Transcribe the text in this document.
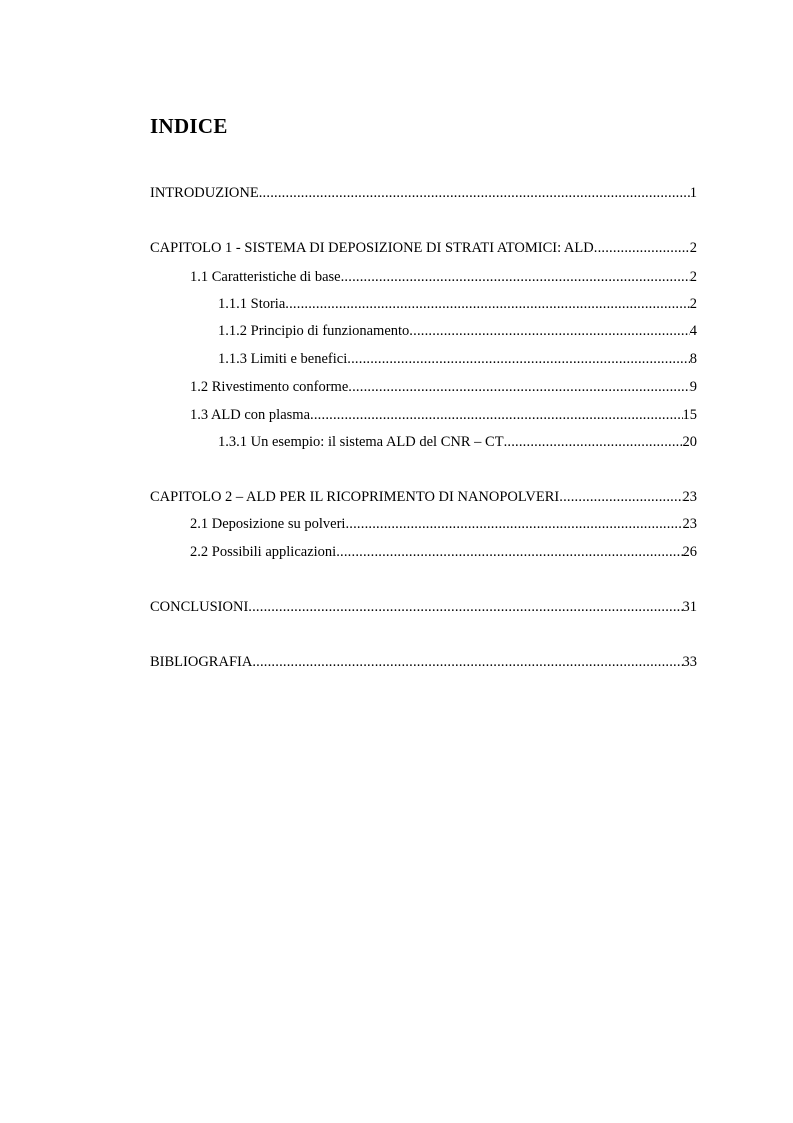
INDICE
INTRODUZIONE .....	1
CAPITOLO 1 - SISTEMA DI DEPOSIZIONE DI STRATI ATOMICI: ALD .....	2
1.1 Caratteristiche di base .....	2
1.1.1 Storia .....	2
1.1.2 Principio di funzionamento .....	4
1.1.3 Limiti e benefici .....	8
1.2 Rivestimento conforme .....	9
1.3 ALD con plasma .....	15
1.3.1 Un esempio: il sistema ALD del CNR – CT .....	20
CAPITOLO 2 – ALD PER IL RICOPRIMENTO DI NANOPOLVERI .....	23
2.1 Deposizione su polveri .....	23
2.2 Possibili applicazioni .....	26
CONCLUSIONI .....	31
BIBLIOGRAFIA .....	33
